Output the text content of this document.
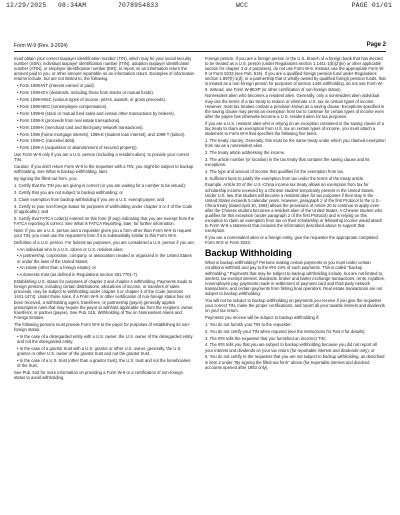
12/29/2025 08:34AM	7078954833	WCC	PAGE 01/01
Form W-9 (Rev. 3-2024)	Page 2

must obtain your correct taxpayer identification number (TIN), which may be your social security number (SSN), individual taxpayer identification number (ITIN), adoption taxpayer identification number (ATIN), or employer identification number (EIN), to report on an information return the amount paid to you, or other amount reportable on an information return. Examples of information returns include, but are not limited to, the following.

• Form 1099-INT (interest earned or paid).

• Form 1099-DIV (dividends, including those from stocks or mutual funds).

• Form 1099-MISC (various types of income, prizes, awards, or gross proceeds).

• Form 1099-NEC (nonemployee compensation).

• Form 1099-B (stock or mutual fund sales and certain other transactions by brokers).

• Form 1099-S (proceeds from real estate transactions).

• Form 1099-K (merchant card and third-party network transactions).

• Form 1098 (home mortgage interest), 1098-E (student loan interest), and 1098-T (tuition).

• Form 1099-C (canceled debt).

• Form 1099-A (acquisition or abandonment of secured property).

Use Form W-9 only if you are a U.S. person (including a resident alien), to provide your correct TIN.

Caution: If you don't return Form W-9 to the requester with a TIN, you might be subject to backup withholding. See What is backup withholding, later.

By signing the filled-out form, you:

1. Certify that the TIN you are giving is correct (or you are waiting for a number to be issued);

2. Certify that you are not subject to backup withholding; or

3. Claim exemption from backup withholding if you are a U.S. exempt payee; and

4. Certify to your non-foreign status for purposes of withholding under chapter 3 or 4 of the Code (if applicable); and

5. Certify that FATCA code(s) entered on this form (if any) indicating that you are exempt from the FATCA reporting is correct. See What is FATCA Reporting, later, for further information.

Note: If you are a U.S. person and a requester gives you a form other than Form W-9 to request your TIN, you must use the requester's form if it is substantially similar to this Form W-9.

Definition of a U.S. person. For federal tax purposes, you are considered a U.S. person if you are:

• An individual who is a U.S. citizen or U.S. resident alien;

• A partnership, corporation, company, or association created or organized in the United States or under the laws of the United States;

• An estate (other than a foreign estate); or

• A domestic trust (as defined in Regulations section 301.7701-7).

Establishing U.S. status for purposes of chapter 3 and chapter 4 withholding. Payments made to foreign persons, including certain distributions, allocations of income, or transfers of sales proceeds, may be subject to withholding under chapter 3 or chapter 4 of the Code (sections 1441-1474). Under those rules, if a Form W-9 or other certification of non-foreign status has not been received, a withholding agent, transferee, or partnership (payor) generally applies presumption rules that may require the payor to withhold applicable tax from the recipient, owner, transferor, or partner (payee). See Pub. 515, Withholding of Tax on Nonresident Aliens and Foreign Entities.

The following persons must provide Form W-9 to the payor for purposes of establishing its non-foreign status.

• In the case of a disregarded entity with a U.S. owner, the U.S. owner of the disregarded entity and not the disregarded entity.

• In the case of a grantor trust with a U.S. grantor or other U.S. owner, generally, the U.S. grantor or other U.S. owner of the grantor trust and not the grantor trust.

• In the case of a U.S. trust (other than a grantor trust), the U.S. trust and not the beneficiaries of the trust.

See Pub. 515 for more information on providing a Form W-9 or a certification of non-foreign status to avoid withholding.

Foreign person. If you are a foreign person or the U.S. branch of a foreign bank that has elected to be treated as a U.S. person (under Regulations section 1.1441-1(b)(2)(iv) or other applicable section for chapter 3 or 4 purposes), do not use Form W-9. Instead, use the appropriate Form W-8 or Form 8233 (see Pub. 515). If you are a qualified foreign pension fund under Regulations section 1.897(l)-1(d), or a partnership that is wholly owned by qualified foreign pension funds, that is treated as a non-foreign person for purposes of section 1445 withholding, do not use Form W-9. Instead, use Form W-8EXP (or other certification of non-foreign status).

Nonresident alien who becomes a resident alien. Generally, only a nonresident alien individual may use the terms of a tax treaty to reduce or eliminate U.S. tax on certain types of income. However, most tax treaties contain a provision known as a saving clause. Exceptions specified in the saving clause may permit an exemption from tax to continue for certain types of income even after the payee has otherwise become a U.S. resident alien for tax purposes.

If you are a U.S. resident alien who is relying on an exception contained in the saving clause of a tax treaty to claim an exemption from U.S. tax on certain types of income, you must attach a statement to Form W-9 that specifies the following five items.

1. The treaty country. Generally, this must be the same treaty under which you claimed exemption from tax as a nonresident alien.

2. The treaty article addressing the income.

3. The article number (or location) in the tax treaty that contains the saving clause and its exceptions.

4. The type and amount of income that qualifies for the exemption from tax.

5. Sufficient facts to justify the exemption from tax under the terms of the treaty article.

Example. Article 20 of the U.S.-China income tax treaty allows an exemption from tax for scholarship income received by a Chinese student temporarily present in the United States. Under U.S. law, this student will become a resident alien for tax purposes if their stay in the United States exceeds 5 calendar years. However, paragraph 2 of the first Protocol to the U.S.-China treaty (dated April 30, 1984) allows the provisions of Article 20 to continue to apply even after the Chinese student becomes a resident alien of the United States. A Chinese student who qualifies for this exception (under paragraph 2 of the first Protocol) and is relying on this exception to claim an exemption from tax on their scholarship or fellowship income would attach to Form W-9 a statement that includes the information described above to support that exemption.

If you are a nonresident alien or a foreign entity, give the requester the appropriate completed Form W-8 or Form 8233.

Backup Withholding

What is backup withholding? Persons making certain payments to you must under certain conditions withhold and pay to the IRS 24% of such payments. This is called "backup withholding." Payments that may be subject to backup withholding include, but are not limited to, interest, tax-exempt interest, dividends, broker and barter exchange transactions, rents, royalties, nonemployee pay, payments made in settlement of payment card and third-party network transactions, and certain payments from fishing boat operators. Real estate transactions are not subject to backup withholding.

You will not be subject to backup withholding on payments you receive if you give the requester your correct TIN, make the proper certifications, and report all your taxable interest and dividends on your tax return.

Payments you receive will be subject to backup withholding if:

1. You do not furnish your TIN to the requester;

2. You do not certify your TIN when required (see the instructions for Part II for details);

3. The IRS tells the requester that you furnished an incorrect TIN;

4. The IRS tells you that you are subject to backup withholding because you did not report all your interest and dividends on your tax return (for reportable interest and dividends only); or

5. You do not certify to the requester that you are not subject to backup withholding, as described in item 2 under "By signing the filled-out form" above (for reportable interest and dividend accounts opened after 1983 only).
